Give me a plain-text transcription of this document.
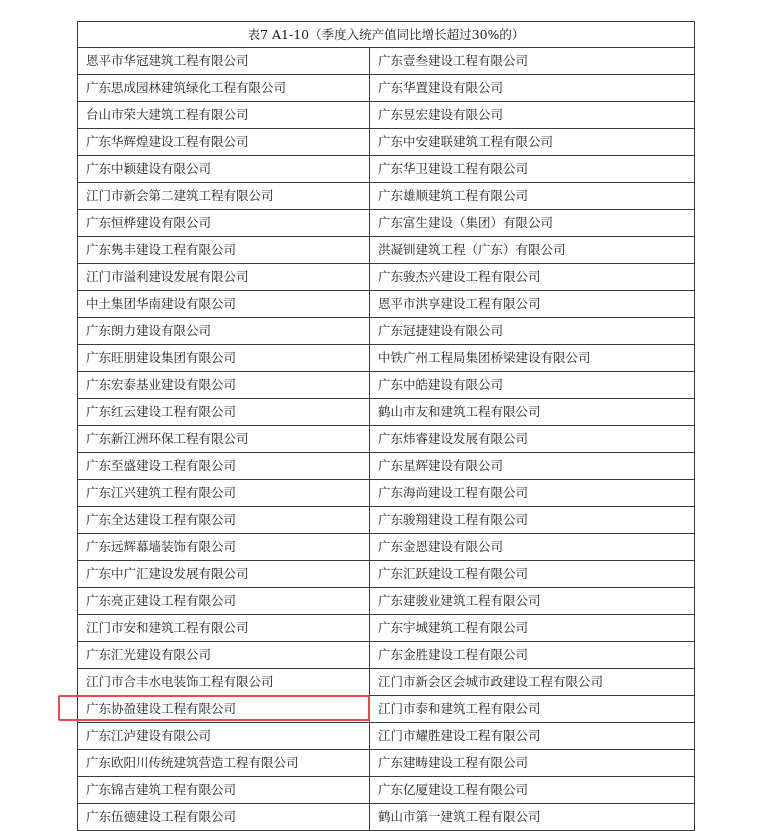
表7 A1-10（季度入统产值同比增长超过30%的）	
恩平市华冠建筑工程有限公司	广东壹叁建设工程有限公司
广东思成园林建筑绿化工程有限公司	广东华置建设有限公司
台山市荣大建筑工程有限公司	广东昱宏建设有限公司
广东华辉煌建设工程有限公司	广东中安建联建筑工程有限公司
广东中颖建设有限公司	广东华卫建设工程有限公司
江门市新会第二建筑工程有限公司	广东雄顺建筑工程有限公司
广东恒桦建设有限公司	广东富生建设（集团）有限公司
广东隽丰建设工程有限公司	洪凝钏建筑工程（广东）有限公司
江门市溢利建设发展有限公司	广东骏杰兴建设工程有限公司
中土集团华南建设有限公司	恩平市洪享建设工程有限公司
广东朗力建设有限公司	广东冠捷建设有限公司
广东旺朋建设集团有限公司	中铁广州工程局集团桥梁建设有限公司
广东宏泰基业建设有限公司	广东中皓建设有限公司
广东红云建设工程有限公司	鹤山市友和建筑工程有限公司
广东新江洲环保工程有限公司	广东炜睿建设发展有限公司
广东至盛建设工程有限公司	广东星辉建设有限公司
广东江兴建筑工程有限公司	广东海尚建设工程有限公司
广东全达建设工程有限公司	广东骏翔建设工程有限公司
广东远辉幕墙装饰有限公司	广东金恩建设有限公司
广东中广汇建设发展有限公司	广东汇跃建设工程有限公司
广东亮正建设工程有限公司	广东建骏业建筑工程有限公司
江门市安和建筑工程有限公司	广东宇城建筑工程有限公司
广东汇光建设有限公司	广东金胜建设工程有限公司
江门市合丰水电装饰工程有限公司	江门市新会区会城市政建设工程有限公司
广东协盈建设工程有限公司	江门市泰和建筑工程有限公司
广东江泸建设有限公司	江门市耀胜建设工程有限公司
广东欧阳川传统建筑营造工程有限公司	广东建畴建设工程有限公司
广东锦吉建筑工程有限公司	广东亿厦建设工程有限公司
广东伍德建设工程有限公司	鹤山市第一建筑工程有限公司
